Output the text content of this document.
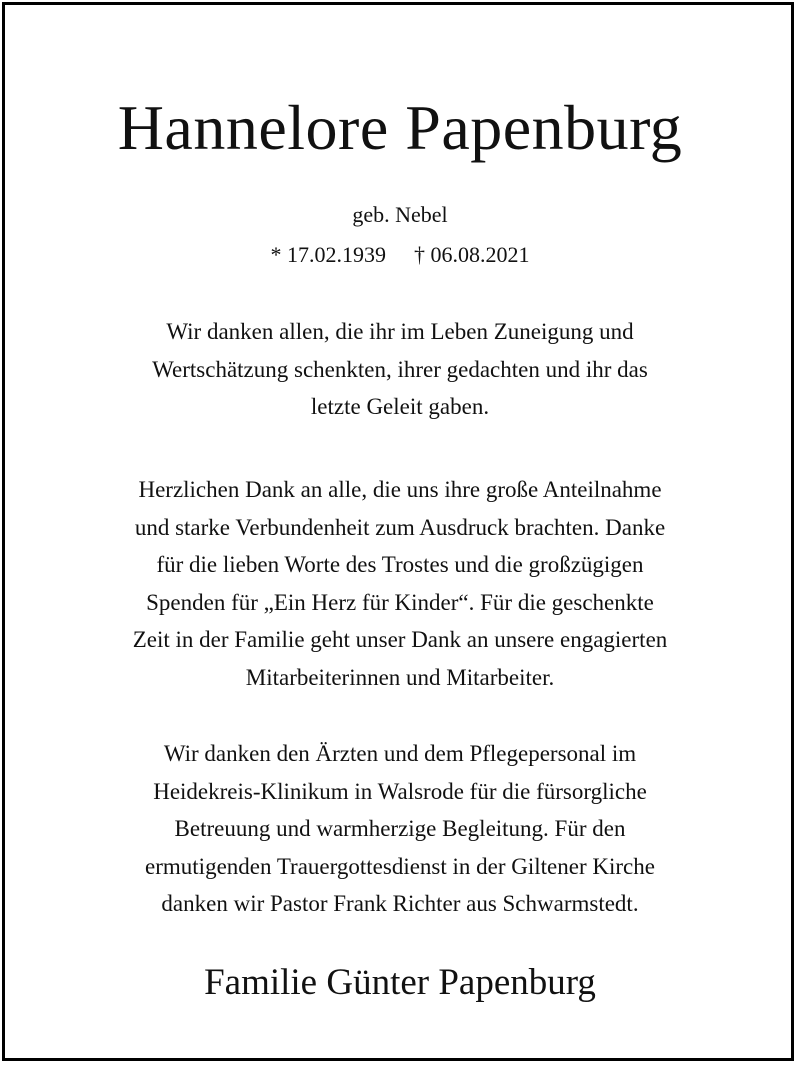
Hannelore Papenburg
geb. Nebel
* 17.02.1939 † 06.08.2021
Wir danken allen, die ihr im Leben Zuneigung und
Wertschätzung schenkten, ihrer gedachten und ihr das
letzte Geleit gaben.
Herzlichen Dank an alle, die uns ihre große Anteilnahme
und starke Verbundenheit zum Ausdruck brachten. Danke
für die lieben Worte des Trostes und die großzügigen
Spenden für „Ein Herz für Kinder“. Für die geschenkte
Zeit in der Familie geht unser Dank an unsere engagierten
Mitarbeiterinnen und Mitarbeiter.
Wir danken den Ärzten und dem Pflegepersonal im
Heidekreis-Klinikum in Walsrode für die fürsorgliche
Betreuung und warmherzige Begleitung. Für den
ermutigenden Trauergottesdienst in der Giltener Kirche
danken wir Pastor Frank Richter aus Schwarmstedt.
Familie Günter Papenburg
